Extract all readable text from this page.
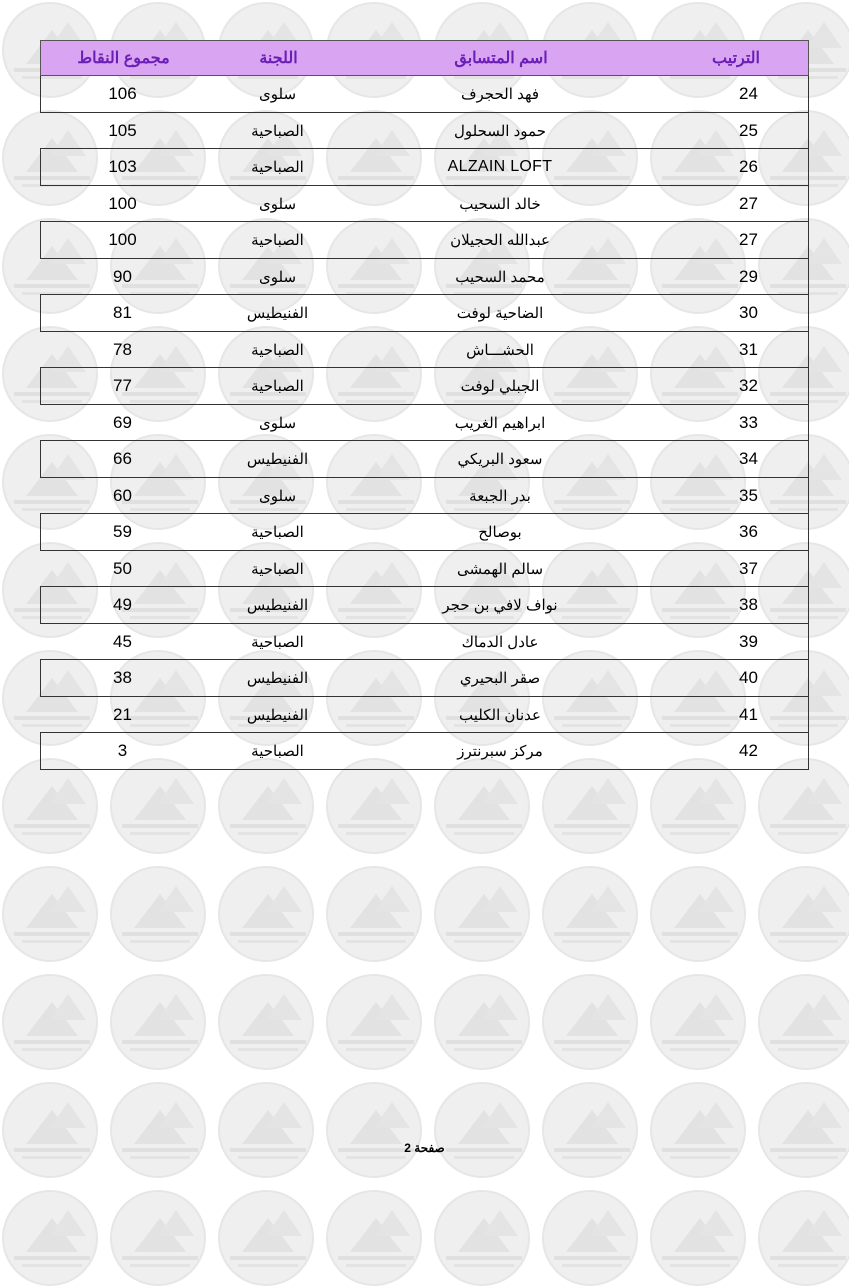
مجموع النقاط	اللجنة	اسم المتسابق	الترتيب
106	سلوى	فهد الحجرف	24
105	الصباحية	حمود السحلول	25
103	الصباحية	ALZAIN LOFT	26
100	سلوى	خالد السحيب	27
100	الصباحية	عبدالله الحجيلان	27
90	سلوى	محمد السحيب	29
81	الفنيطيس	الضاحية لوفت	30
78	الصباحية	الحشـــاش	31
77	الصباحية	الجبلي لوفت	32
69	سلوى	ابراهيم الغريب	33
66	الفنيطيس	سعود البريكي	34
60	سلوى	بدر الجبعة	35
59	الصباحية	بوصالح	36
50	الصباحية	سالم الهمشى	37
49	الفنيطيس	نواف لافي بن حجر	38
45	الصباحية	عادل الدماك	39
38	الفنيطيس	صقر البحيري	40
21	الفنيطيس	عدنان الكليب	41
3	الصباحية	مركز سبرنترز	42
صفحة 2
